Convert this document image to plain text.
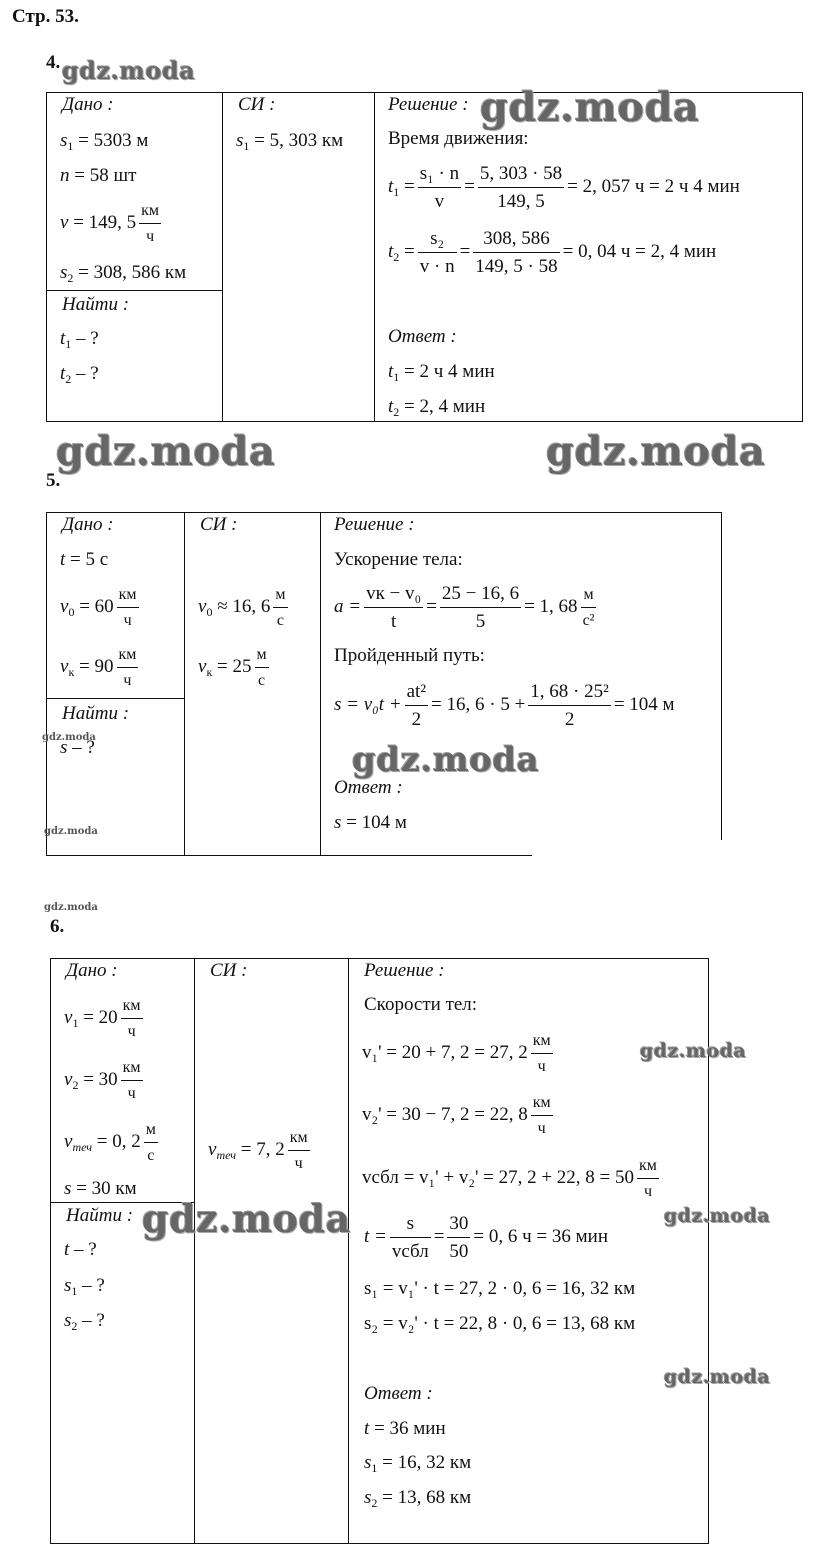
Стр. 53.
4.
Дано :
$s_1 = 5303$ м
n = 58 шт
v = 149, $5 \frac{км}{ч}$
$s_2 = 308$, 586 км
Найти :
$t_1$ – ?
$t_2$ – ?
СИ :
$s_1 = 5$, 303 км
Решение :
Время движения:
$t_1 = \frac{\text{s₁ · n}}{v} = \frac{5, 303 \cdot 58}{149, 5} = 2$, 057 ч = 2 ч 4 мин
$t_2 = \frac{\text{s₂}}{v \cdot n} = \frac{308, 586}{149, 5 \cdot 58} = 0$, 04 ч = 2, 4 мин
Ответ :
$t_1 = 2$ ч 4 мин
$t_2 = 2$, 4 мин
5.
Дано :
t = 5 с
$v_0 = 60 \frac{км}{ч}$
$v_к = 90 \frac{км}{ч}$
Найти :
s – ?
СИ :
$v_0 \approx 16$, $6 \frac{м}{с}$
$v_к = 25 \frac{м}{с}$
Решение :
Ускорение тела:
$a = \frac{\text{vк − v₀}}{t} = \frac{25 - 16, 6}{5} = 1$, $68 \frac{м}{\text{с²}}$
Пройденный путь:
$s = v_0t + \frac{\text{at²}}{2} = 16$, $6 \cdot 5 + \frac{\text{1, 68 · 25²}}{2} = 104$ м
Ответ :
s = 104 м
6.
Дано :
$v_1 = 20 \frac{км}{ч}$
$v_2 = 30 \frac{км}{ч}$
$v_{теч} = 0$, $2 \frac{м}{с}$
s = 30 км
Найти :
t – ?
$s_1$ – ?
$s_2$ – ?
СИ :
$v_{теч} = 7$, $2 \frac{км}{ч}$
Решение :
Скорости тел:
v₁' = 20 + 7, 2 = 27, $2 \frac{км}{ч}$
v₂' = 30 − 7, 2 = 22, $8 \frac{км}{ч}$
vсбл = v₁' + v₂' = 27, 2 + 22, $8 = 50 \frac{км}{ч}$
$t = \frac{s}{\text{vсбл}} = \frac{30}{50} = 0$, 6 ч = 36 мин
s₁ = v₁' · t = 27, 2 · 0, 6 = 16, 32 км
s₂ = v₂' · t = 22, 8 · 0, 6 = 13, 68 км
Ответ :
t = 36 мин
$s_1 = 16$, 32 км
$s_2 = 13$, 68 км
gdz.moda
gdz.moda
gdz.moda	gdz.moda
gdz.moda
gdz.moda
gdz.moda
gdz.moda
gdz.moda
gdz.moda
gdz.moda
gdz.moda
